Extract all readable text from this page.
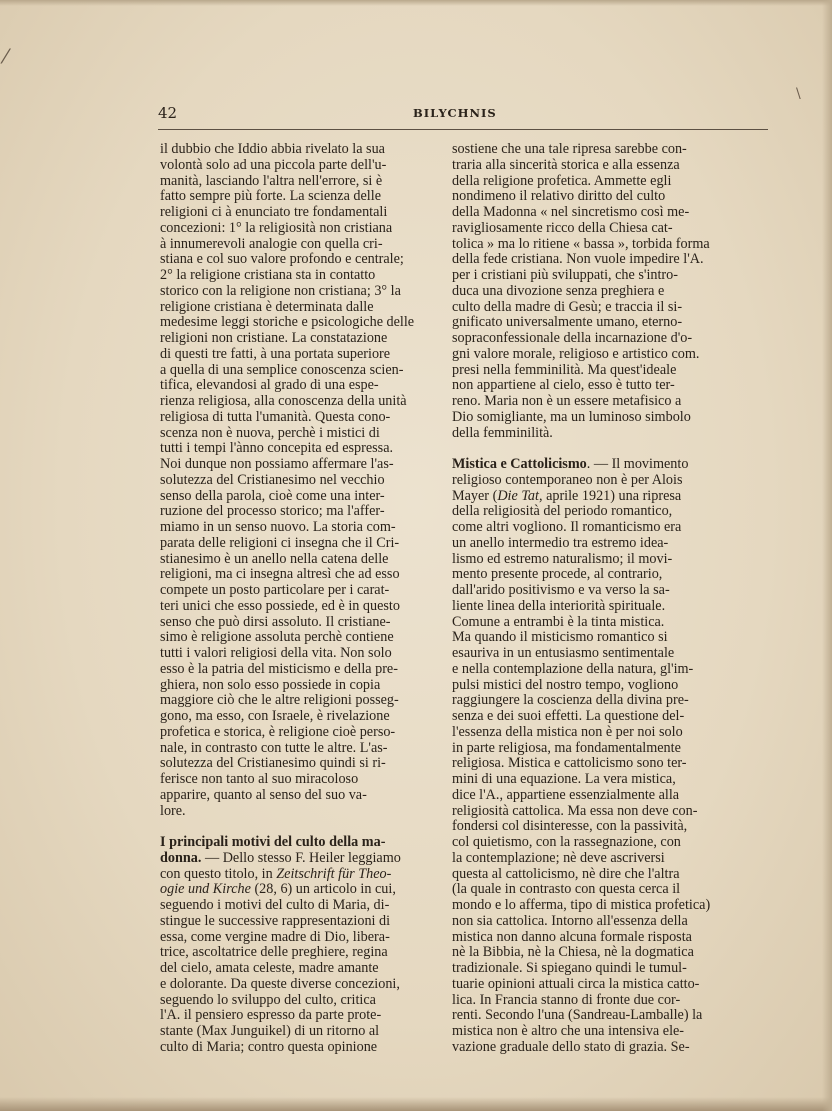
⁄
\
42	BILYCHNIS
il dubbio che Iddio abbia rivelato la sua
volontà solo ad una piccola parte dell'u-
manità, lasciando l'altra nell'errore, si è
fatto sempre più forte. La scienza delle
religioni ci à enunciato tre fondamentali
concezioni: 1° la religiosità non cristiana
à innumerevoli analogie con quella cri-
stiana e col suo valore profondo e centrale;
2° la religione cristiana sta in contatto
storico con la religione non cristiana; 3° la
religione cristiana è determinata dalle
medesime leggi storiche e psicologiche delle
religioni non cristiane. La constatazione
di questi tre fatti, à una portata superiore
a quella di una semplice conoscenza scien-
tifica, elevandosi al grado di una espe-
rienza religiosa, alla conoscenza della unità
religiosa di tutta l'umanità. Questa cono-
scenza non è nuova, perchè i mistici di
tutti i tempi l'ànno concepita ed espressa.
Noi dunque non possiamo affermare l'as-
solutezza del Cristianesimo nel vecchio
senso della parola, cioè come una inter-
ruzione del processo storico; ma l'affer-
miamo in un senso nuovo. La storia com-
parata delle religioni ci insegna che il Cri-
stianesimo è un anello nella catena delle
religioni, ma ci insegna altresì che ad esso
compete un posto particolare per i carat-
teri unici che esso possiede, ed è in questo
senso che può dirsi assoluto. Il cristiane-
simo è religione assoluta perchè contiene
tutti i valori religiosi della vita. Non solo
esso è la patria del misticismo e della pre-
ghiera, non solo esso possiede in copia
maggiore ciò che le altre religioni posseg-
gono, ma esso, con Israele, è rivelazione
profetica e storica, è religione cioè perso-
nale, in contrasto con tutte le altre. L'as-
solutezza del Cristianesimo quindi si ri-
ferisce non tanto al suo miracoloso
apparire, quanto al senso del suo va-
lore.
I principali motivi del culto della ma-
donna. — Dello stesso F. Heiler leggiamo
con questo titolo, in Zeitschrift für Theo-
ogie und Kirche (28, 6) un articolo in cui,
seguendo i motivi del culto di Maria, di-
stingue le successive rappresentazioni di
essa, come vergine madre di Dio, libera-
trice, ascoltatrice delle preghiere, regina
del cielo, amata celeste, madre amante
e dolorante. Da queste diverse concezioni,
seguendo lo sviluppo del culto, critica
l'A. il pensiero espresso da parte prote-
stante (Max Junguikel) di un ritorno al
culto di Maria; contro questa opinione
sostiene che una tale ripresa sarebbe con-
traria alla sincerità storica e alla essenza
della religione profetica. Ammette egli
nondimeno il relativo diritto del culto
della Madonna « nel sincretismo così me-
ravigliosamente ricco della Chiesa cat-
tolica » ma lo ritiene « bassa », torbida forma
della fede cristiana. Non vuole impedire l'A.
per i cristiani più sviluppati, che s'intro-
duca una divozione senza preghiera e
culto della madre di Gesù; e traccia il si-
gnificato universalmente umano, eterno-
sopraconfessionale della incarnazione d'o-
gni valore morale, religioso e artistico com.
presi nella femminilità. Ma quest'ideale
non appartiene al cielo, esso è tutto ter-
reno. Maria non è un essere metafisico a
Dio somigliante, ma un luminoso simbolo
della femminilità.
Mistica e Cattolicismo. — Il movimento
religioso contemporaneo non è per Alois
Mayer (Die Tat, aprile 1921) una ripresa
della religiosità del periodo romantico,
come altri vogliono. Il romanticismo era
un anello intermedio tra estremo idea-
lismo ed estremo naturalismo; il movi-
mento presente procede, al contrario,
dall'arido positivismo e va verso la sa-
liente linea della interiorità spirituale.
Comune a entrambi è la tinta mistica.
Ma quando il misticismo romantico si
esauriva in un entusiasmo sentimentale
e nella contemplazione della natura, gl'im-
pulsi mistici del nostro tempo, vogliono
raggiungere la coscienza della divina pre-
senza e dei suoi effetti. La questione del-
l'essenza della mistica non è per noi solo
in parte religiosa, ma fondamentalmente
religiosa. Mistica e cattolicismo sono ter-
mini di una equazione. La vera mistica,
dice l'A., appartiene essenzialmente alla
religiosità cattolica. Ma essa non deve con-
fondersi col disinteresse, con la passività,
col quietismo, con la rassegnazione, con
la contemplazione; nè deve ascriversi
questa al cattolicismo, nè dire che l'altra
(la quale in contrasto con questa cerca il
mondo e lo afferma, tipo di mistica profetica)
non sia cattolica. Intorno all'essenza della
mistica non danno alcuna formale risposta
nè la Bibbia, nè la Chiesa, nè la dogmatica
tradizionale. Si spiegano quindi le tumul-
tuarie opinioni attuali circa la mistica catto-
lica. In Francia stanno di fronte due cor-
renti. Secondo l'una (Sandreau-Lamballe) la
mistica non è altro che una intensiva ele-
vazione graduale dello stato di grazia. Se-
